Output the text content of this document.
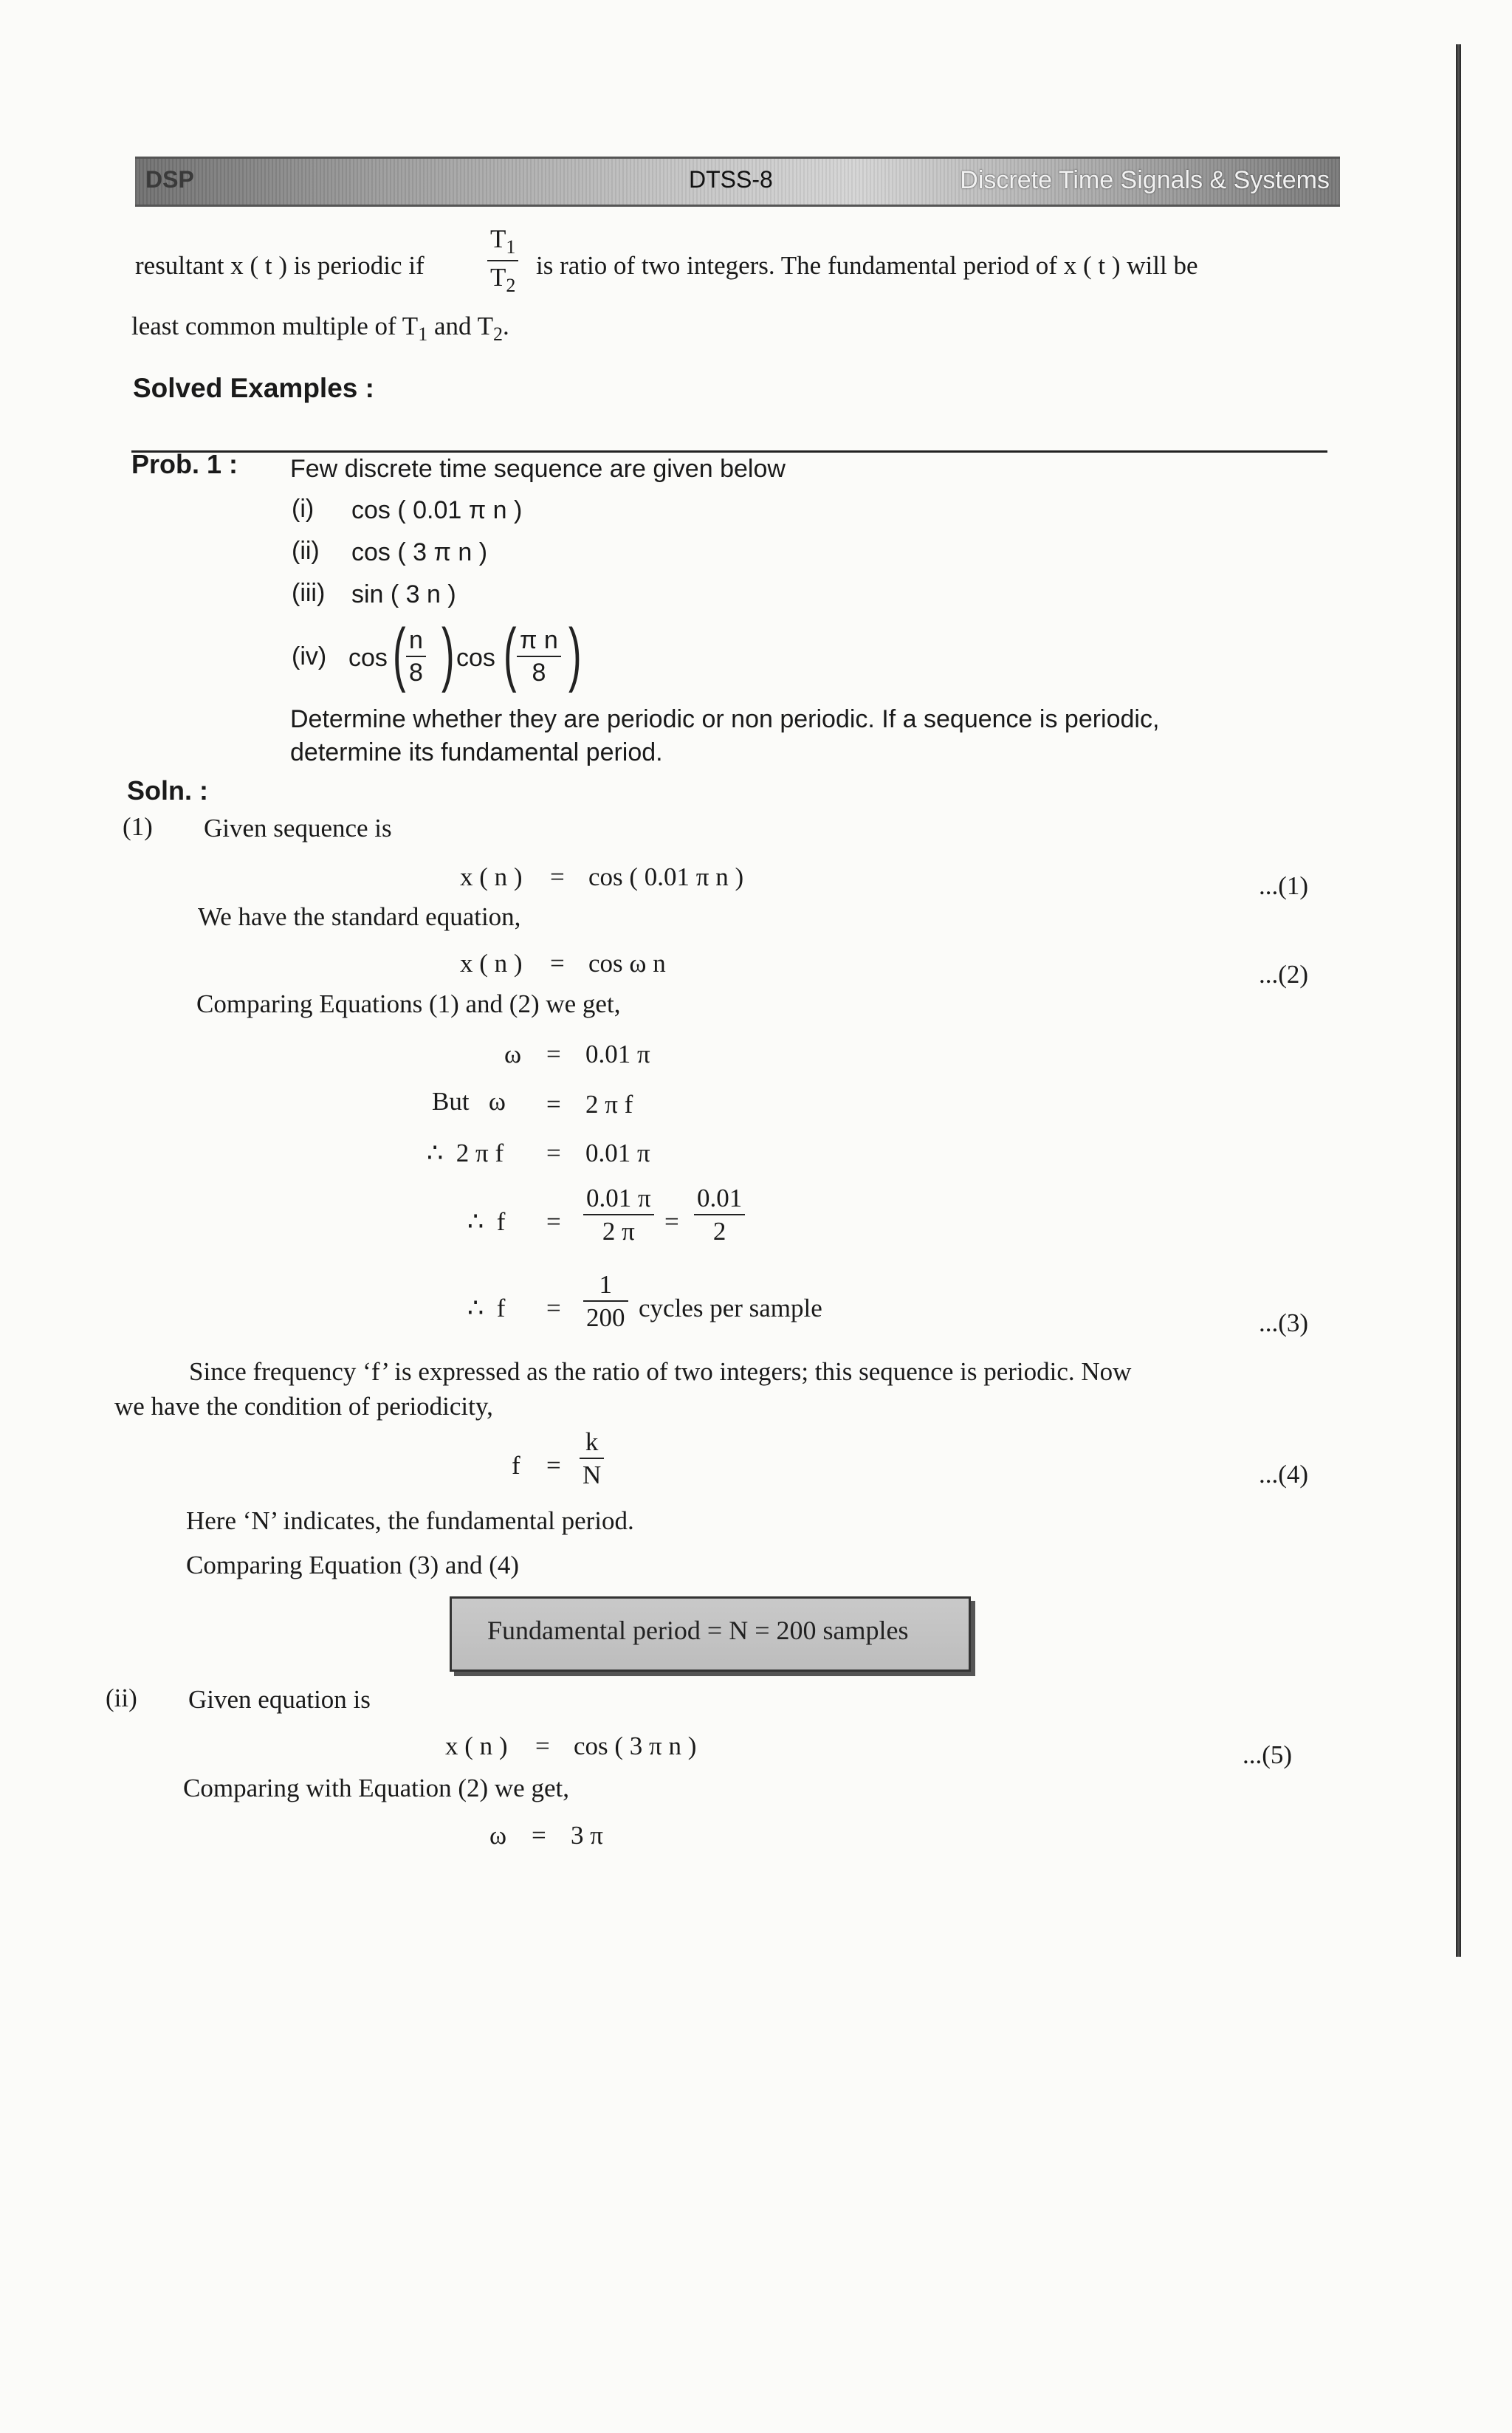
DSP	DTSS-8	Discrete Time Signals & Systems
resultant x ( t ) is periodic if
$T_1$
$T_2$
is ratio of two integers. The fundamental period of x ( t ) will be
least common multiple of $T_1$ and $T_2$.
Solved Examples :
Prob. 1 : Few discrete time sequence are given below
(i) cos ( 0.01 π n )
(ii) cos ( 3 π n )
(iii) sin ( 3 n )
(iv) cos ( n
8 ) cos ( π n
8 )
Determine whether they are periodic or non periodic. If a sequence is periodic,
determine its fundamental period.
Soln. :
(1) Given sequence is
x ( n ) = cos ( 0.01 π n )	...(1)
We have the standard equation,
x ( n ) = cos ω n	...(2)
Comparing Equations (1) and (2) we get,
ω = 0.01 π
But   ω = 2 π f
∴  2 π f = 0.01 π
∴  f =
0.01 π
2 π =
0.01
2
∴  f =
1
200 cycles per sample
...(3)
Since frequency ‘f’ is expressed as the ratio of two integers; this sequence is periodic. Now
we have the condition of periodicity,
f =
k
N	...(4)
Here ‘N’ indicates, the fundamental period.
Comparing Equation (3) and (4)
Fundamental period = N = 200 samples
(ii) Given equation is
x ( n ) = cos ( 3 π n )	...(5)
Comparing with Equation (2) we get,
ω = 3 π
